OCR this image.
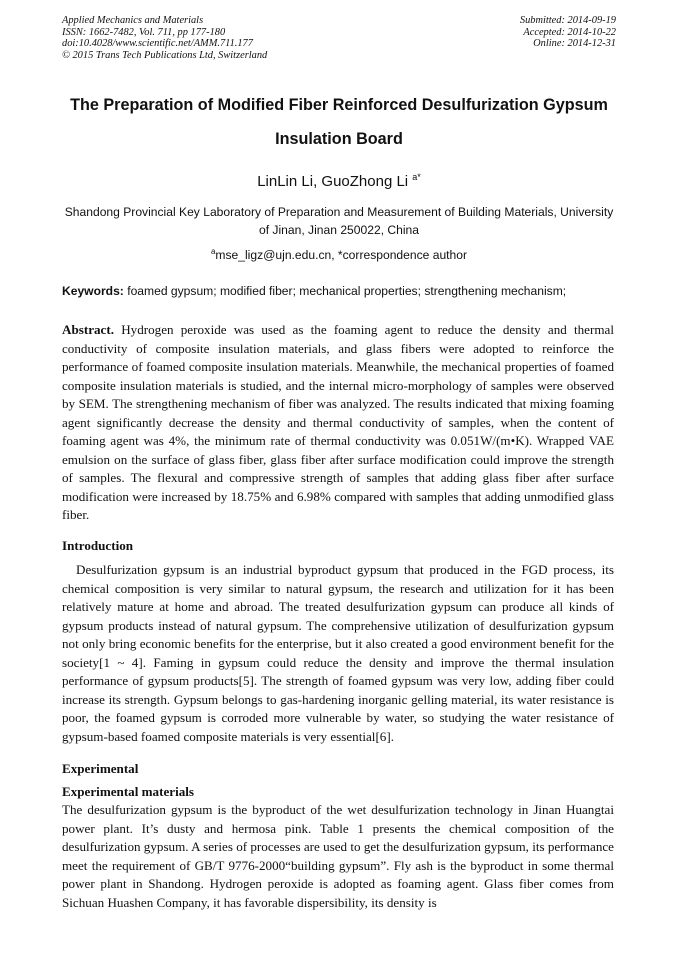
Applied Mechanics and Materials
ISSN: 1662-7482, Vol. 711, pp 177-180
doi:10.4028/www.scientific.net/AMM.711.177
© 2015 Trans Tech Publications Ltd, Switzerland
Submitted: 2014-09-19
Accepted: 2014-10-22
Online: 2014-12-31
The Preparation of Modified Fiber Reinforced Desulfurization Gypsum Insulation Board
LinLin Li, GuoZhong Li $^{a*}$
Shandong Provincial Key Laboratory of Preparation and Measurement of Building Materials, University of Jinan, Jinan 250022, China
$^a$mse_ligz@ujn.edu.cn, *correspondence author
Keywords: foamed gypsum; modified fiber; mechanical properties; strengthening mechanism;
Abstract. Hydrogen peroxide was used as the foaming agent to reduce the density and thermal conductivity of composite insulation materials, and glass fibers were adopted to reinforce the performance of foamed composite insulation materials. Meanwhile, the mechanical properties of foamed composite insulation materials is studied, and the internal micro-morphology of samples were observed by SEM. The strengthening mechanism of fiber was analyzed. The results indicated that mixing foaming agent significantly decrease the density and thermal conductivity of samples, when the content of foaming agent was 4%, the minimum rate of thermal conductivity was 0.051W/(m•K). Wrapped VAE emulsion on the surface of glass fiber, glass fiber after surface modification could improve the strength of samples. The flexural and compressive strength of samples that adding glass fiber after surface modification were increased by 18.75% and 6.98% compared with samples that adding unmodified glass fiber.
Introduction
Desulfurization gypsum is an industrial byproduct gypsum that produced in the FGD process, its chemical composition is very similar to natural gypsum, the research and utilization for it has been relatively mature at home and abroad. The treated desulfurization gypsum can produce all kinds of gypsum products instead of natural gypsum. The comprehensive utilization of desulfurization gypsum not only bring economic benefits for the enterprise, but it also created a good environment benefit for the society[1 ~ 4]. Faming in gypsum could reduce the density and improve the thermal insulation performance of gypsum products[5]. The strength of foamed gypsum was very low, adding fiber could increase its strength. Gypsum belongs to gas-hardening inorganic gelling material, its water resistance is poor, the foamed gypsum is corroded more vulnerable by water, so studying the water resistance of gypsum-based foamed composite materials is very essential[6].
Experimental
Experimental materials
The desulfurization gypsum is the byproduct of the wet desulfurization technology in Jinan Huangtai power plant. It’s dusty and hermosa pink. Table 1 presents the chemical composition of the desulfurization gypsum. A series of processes are used to get the desulfurization gypsum, its performance meet the requirement of GB/T 9776-2000“building gypsum”. Fly ash is the byproduct in some thermal power plant in Shandong. Hydrogen peroxide is adopted as foaming agent. Glass fiber comes from Sichuan Huashen Company, it has favorable dispersibility, its density is
